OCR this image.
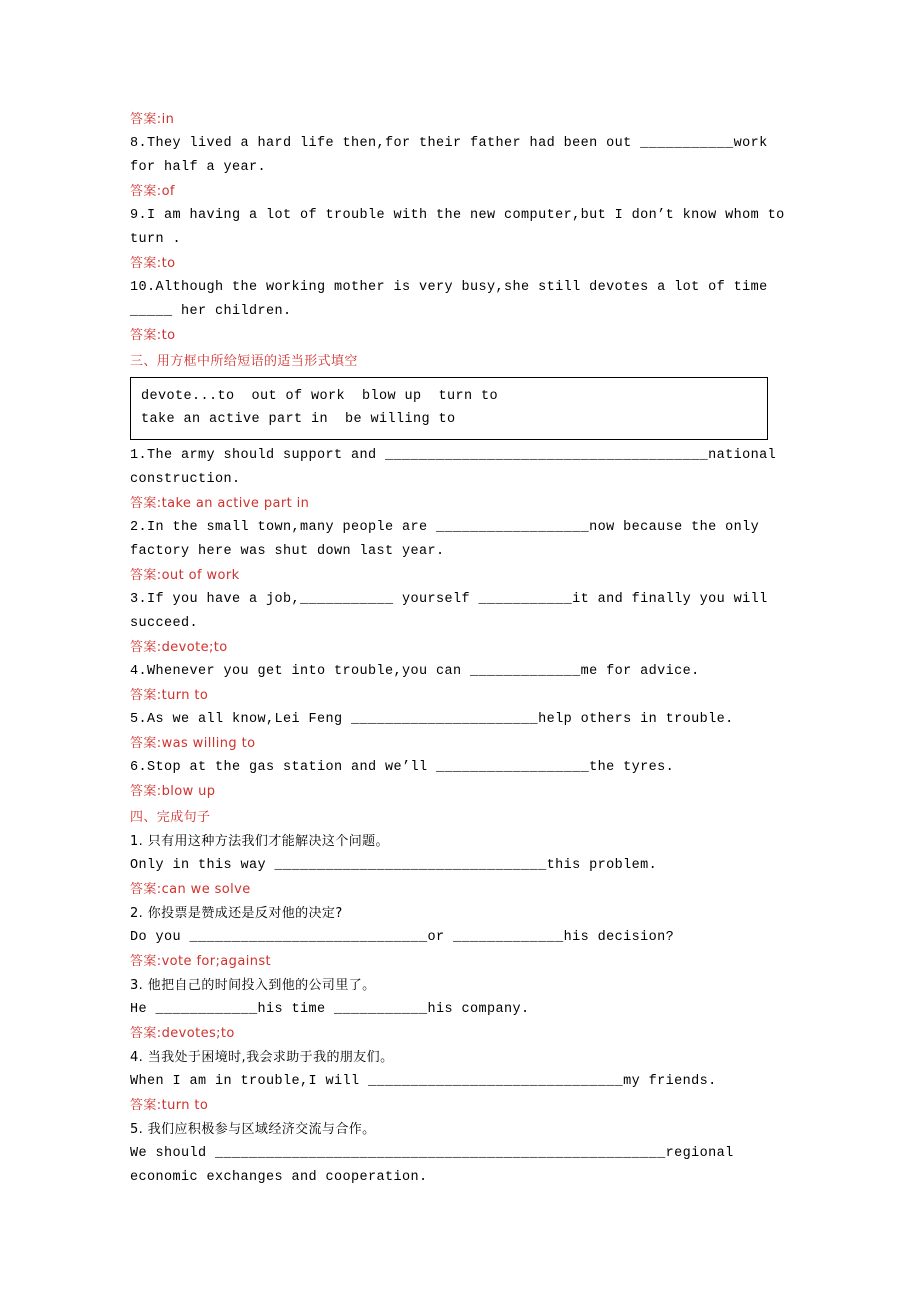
答案:in
8.They lived a hard life then,for their father had been out ___________work for half a year.
答案:of
9.I am having a lot of trouble with the new computer,but I don’t know whom to turn .
答案:to
10.Although the working mother is very busy,she still devotes a lot of time _____ her children.
答案:to
三、用方框中所给短语的适当形式填空
devote...to  out of work  blow up  turn to
take an active part in  be willing to
1.The army should support and ______________________________________national construction.
答案:take an active part in
2.In the small town,many people are __________________now because the only factory here was shut down last year.
答案:out of work
3.If you have a job,___________ yourself ___________it and finally you will succeed.
答案:devote;to
4.Whenever you get into trouble,you can _____________me for advice.
答案:turn to
5.As we all know,Lei Feng ______________________help others in trouble.
答案:was willing to
6.Stop at the gas station and we’ll __________________the tyres.
答案:blow up
四、完成句子
1. 只有用这种方法我们才能解决这个问题。
Only in this way ________________________________this problem.
答案:can we solve
2. 你投票是赞成还是反对他的决定?
Do you ____________________________or _____________his decision?
答案:vote for;against
3. 他把自己的时间投入到他的公司里了。
He ____________his time ___________his company.
答案:devotes;to
4. 当我处于困境时,我会求助于我的朋友们。
When I am in trouble,I will ______________________________my friends.
答案:turn to
5. 我们应积极参与区域经济交流与合作。
We should _____________________________________________________regional economic exchanges and cooperation.
